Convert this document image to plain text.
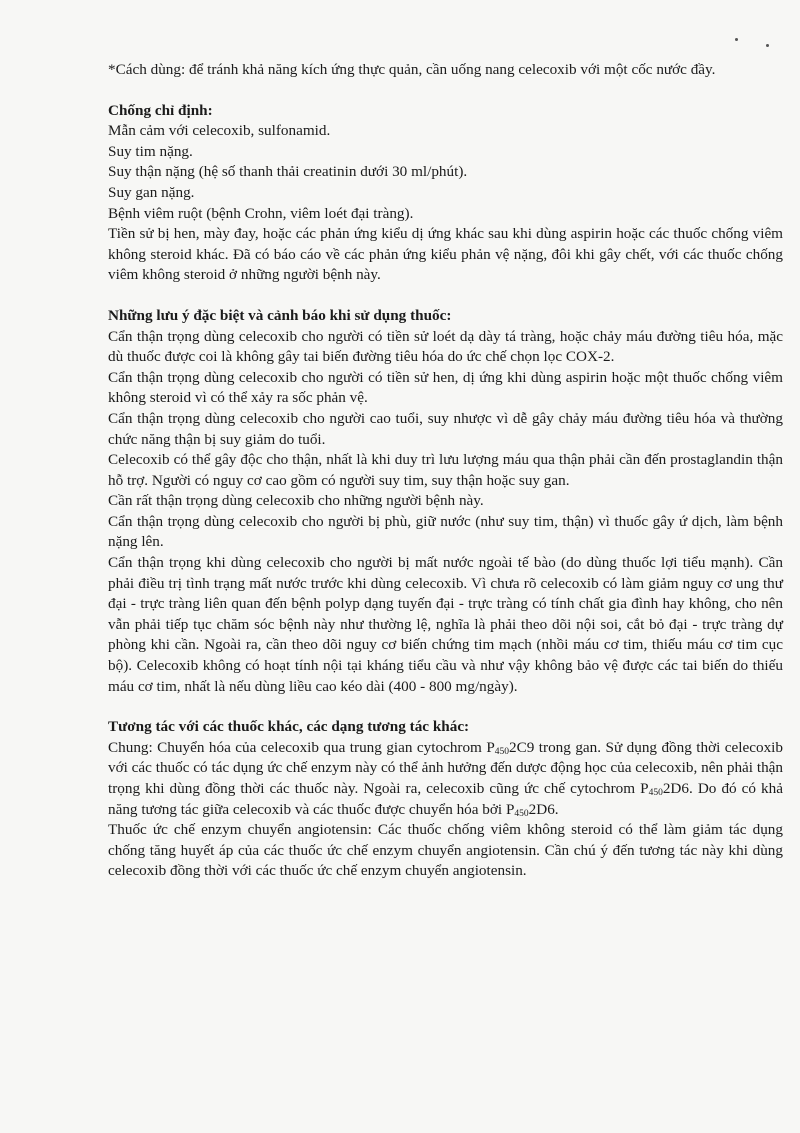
*Cách dùng: để tránh khả năng kích ứng thực quản, cần uống nang celecoxib với một cốc nước đầy.

Chống chỉ định:

Mẫn cảm với celecoxib, sulfonamid.

Suy tim nặng.

Suy thận nặng (hệ số thanh thải creatinin dưới 30 ml/phút).

Suy gan nặng.

Bệnh viêm ruột (bệnh Crohn, viêm loét đại tràng).

Tiền sử bị hen, mày đay, hoặc các phản ứng kiểu dị ứng khác sau khi dùng aspirin hoặc các thuốc chống viêm không steroid khác. Đã có báo cáo về các phản ứng kiểu phản vệ nặng, đôi khi gây chết, với các thuốc chống viêm không steroid ở những người bệnh này.

Những lưu ý đặc biệt và cảnh báo khi sử dụng thuốc:

Cẩn thận trọng dùng celecoxib cho người có tiền sử loét dạ dày tá tràng, hoặc chảy máu đường tiêu hóa, mặc dù thuốc được coi là không gây tai biến đường tiêu hóa do ức chế chọn lọc COX-2.

Cẩn thận trọng dùng celecoxib cho người có tiền sử hen, dị ứng khi dùng aspirin hoặc một thuốc chống viêm không steroid vì có thể xảy ra sốc phản vệ.

Cẩn thận trọng dùng celecoxib cho người cao tuổi, suy nhược vì dễ gây chảy máu đường tiêu hóa và thường chức năng thận bị suy giảm do tuổi.

Celecoxib có thể gây độc cho thận, nhất là khi duy trì lưu lượng máu qua thận phải cần đến prostaglandin thận hỗ trợ. Người có nguy cơ cao gồm có người suy tim, suy thận hoặc suy gan.

Cần rất thận trọng dùng celecoxib cho những người bệnh này.

Cẩn thận trọng dùng celecoxib cho người bị phù, giữ nước (như suy tim, thận) vì thuốc gây ứ dịch, làm bệnh nặng lên.

Cẩn thận trọng khi dùng celecoxib cho người bị mất nước ngoài tế bào (do dùng thuốc lợi tiểu mạnh). Cần phải điều trị tình trạng mất nước trước khi dùng celecoxib. Vì chưa rõ celecoxib có làm giảm nguy cơ ung thư đại - trực tràng liên quan đến bệnh polyp dạng tuyến đại - trực tràng có tính chất gia đình hay không, cho nên vẫn phải tiếp tục chăm sóc bệnh này như thường lệ, nghĩa là phải theo dõi nội soi, cắt bỏ đại - trực tràng dự phòng khi cần. Ngoài ra, cần theo dõi nguy cơ biến chứng tim mạch (nhồi máu cơ tim, thiếu máu cơ tim cục bộ). Celecoxib không có hoạt tính nội tại kháng tiểu cầu và như vậy không bảo vệ được các tai biến do thiếu máu cơ tim, nhất là nếu dùng liều cao kéo dài (400 - 800 mg/ngày).

Tương tác với các thuốc khác, các dạng tương tác khác:

Chung: Chuyển hóa của celecoxib qua trung gian cytochrom $P_{450}2C9$ trong gan. Sử dụng đồng thời celecoxib với các thuốc có tác dụng ức chế enzym này có thể ảnh hưởng đến dược động học của celecoxib, nên phải thận trọng khi dùng đồng thời các thuốc này. Ngoài ra, celecoxib cũng ức chế cytochrom $P_{450}2D6$. Do đó có khả năng tương tác giữa celecoxib và các thuốc được chuyển hóa bởi $P_{450}2D6$.

Thuốc ức chế enzym chuyển angiotensin: Các thuốc chống viêm không steroid có thể làm giảm tác dụng chống tăng huyết áp của các thuốc ức chế enzym chuyển angiotensin. Cần chú ý đến tương tác này khi dùng celecoxib đồng thời với các thuốc ức chế enzym chuyển angiotensin.
